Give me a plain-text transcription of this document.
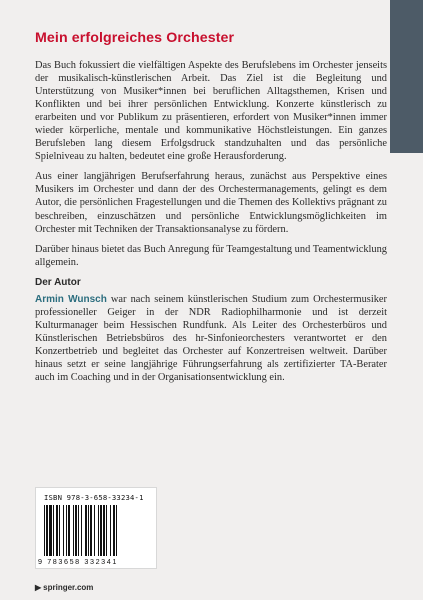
Mein erfolgreiches Orchester

Das Buch fokussiert die vielfältigen Aspekte des Berufslebens im Orchester jenseits der musikalisch-künstlerischen Arbeit. Das Ziel ist die Begleitung und Unterstützung von Musiker*innen bei beruflichen Alltagsthemen, Krisen und Konflikten und bei ihrer persönlichen Entwicklung. Konzerte künstlerisch zu erarbeiten und vor Publikum zu präsentieren, erfordert von Musiker*innen immer wieder körperliche, mentale und kommunikative Höchstleistungen. Ein ganzes Berufsleben lang diesem Erfolgsdruck standzuhalten und das persönliche Spielniveau zu halten, bedeutet eine große Herausforderung.

Aus einer langjährigen Berufserfahrung heraus, zunächst aus Perspektive eines Musikers im Orchester und dann der des Orchestermanagements, gelingt es dem Autor, die persönlichen Fragestellungen und die Themen des Kollektivs prägnant zu beschreiben, einzuschätzen und persönliche Entwicklungsmöglichkeiten im Orchester mit Techniken der Transaktionsanalyse zu fördern.

Darüber hinaus bietet das Buch Anregung für Teamgestaltung und Teamentwicklung allgemein.

Der Autor

Armin Wunsch war nach seinem künstlerischen Studium zum Orchestermusiker professioneller Geiger in der NDR Radiophilharmonie und ist derzeit Kulturmanager beim Hessischen Rundfunk. Als Leiter des Orchesterbüros und Künstlerischen Betriebsbüros des hr-Sinfonieorchesters verantwortet er den Konzertbetrieb und begleitet das Orchester auf Konzertreisen weltweit. Darüber hinaus setzt er seine langjährige Führungserfahrung als zertifizierter TA-Berater auch im Coaching und in der Organisationsentwicklung ein.

ISBN 978-3-658-33234-1
9 783658 332341
▶ springer.com
